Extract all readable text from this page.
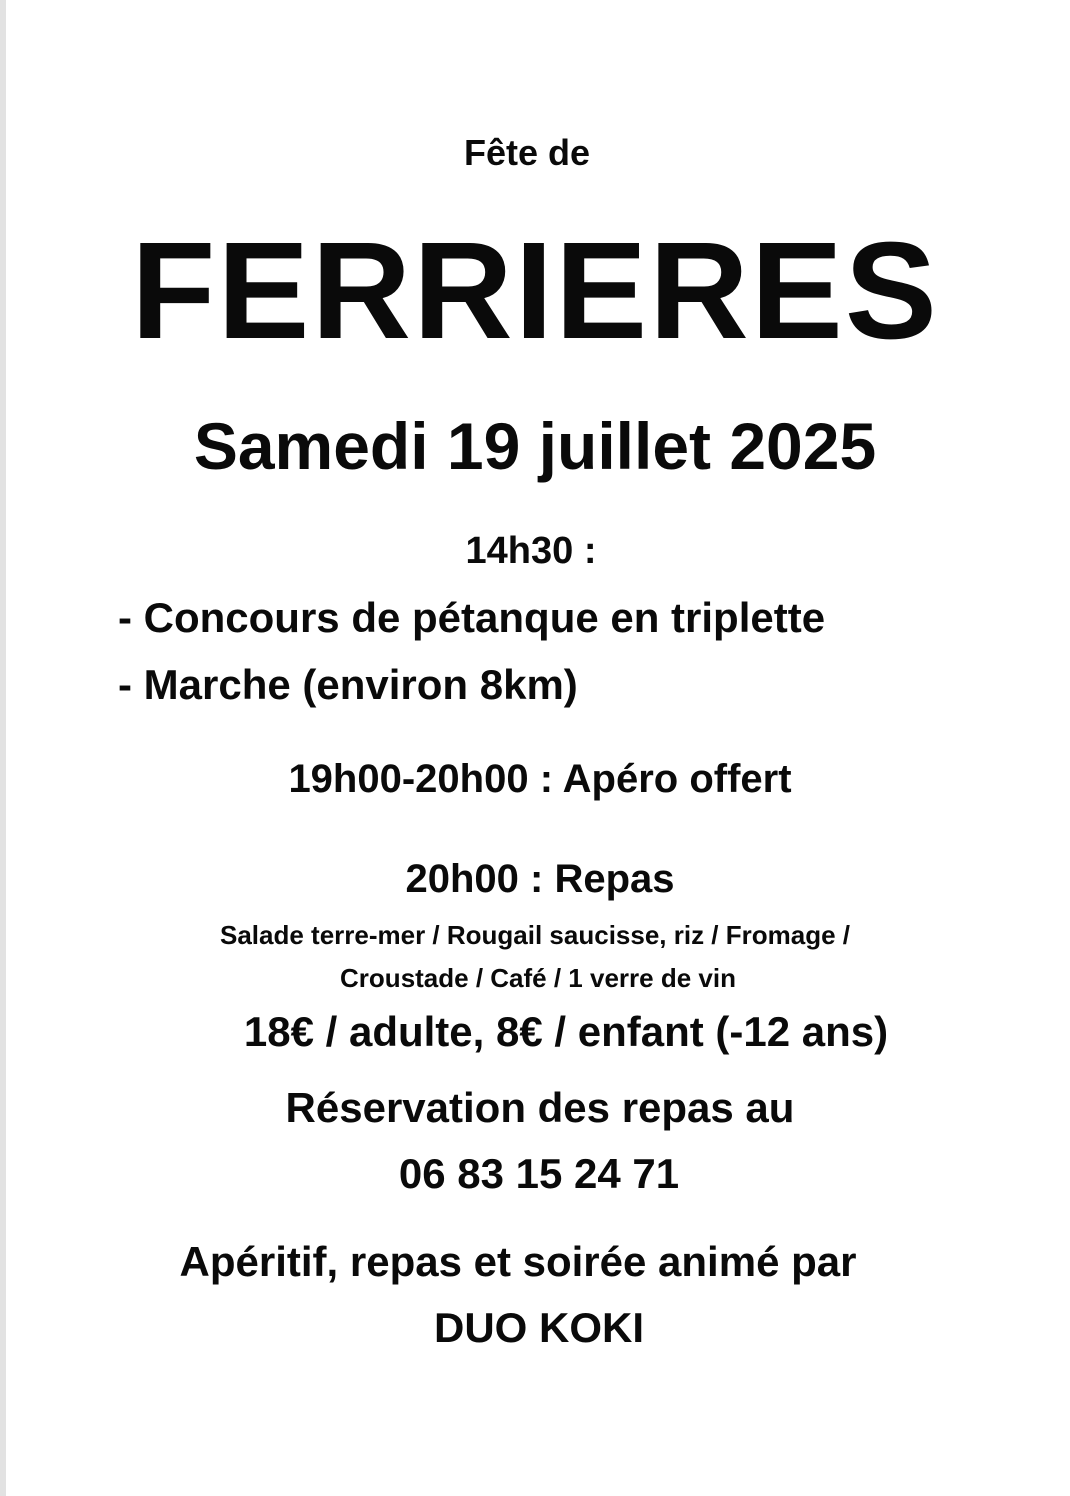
Fête de
FERRIERES
Samedi 19 juillet 2025
14h30 :
- Concours de pétanque en triplette
- Marche (environ 8km)
19h00-20h00 : Apéro offert
20h00 : Repas
Salade terre-mer / Rougail saucisse, riz / Fromage /
Croustade / Café / 1 verre de vin
18€ / adulte, 8€ / enfant (-12 ans)
Réservation des repas au
06 83 15 24 71
Apéritif, repas et soirée animé par
DUO KOKI
